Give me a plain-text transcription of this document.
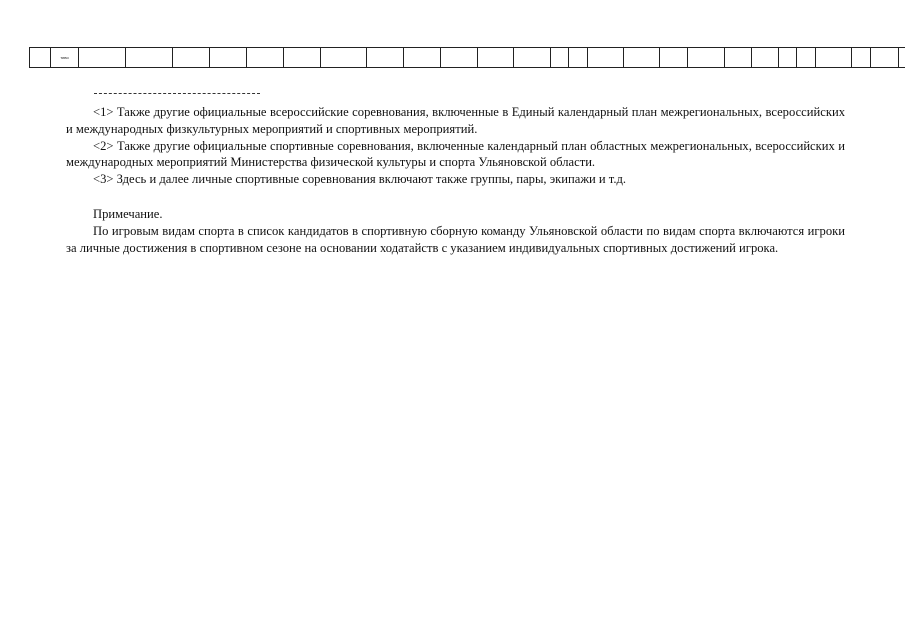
	тиво																												

<1> Также другие официальные всероссийские соревнования, включенные в Единый календарный план межрегиональных, всероссийских и международных физкультурных мероприятий и спортивных мероприятий.

<2> Также другие официальные спортивные соревнования, включенные календарный план областных межрегиональных, всероссийских и международных мероприятий Министерства физической культуры и спорта Ульяновской области.

<3> Здесь и далее личные спортивные соревнования включают также группы, пары, экипажи и т.д.

Примечание.

По игровым видам спорта в список кандидатов в спортивную сборную команду Ульяновской области по видам спорта включаются игроки за личные достижения в спортивном сезоне на основании ходатайств с указанием индивидуальных спортивных достижений игрока.
